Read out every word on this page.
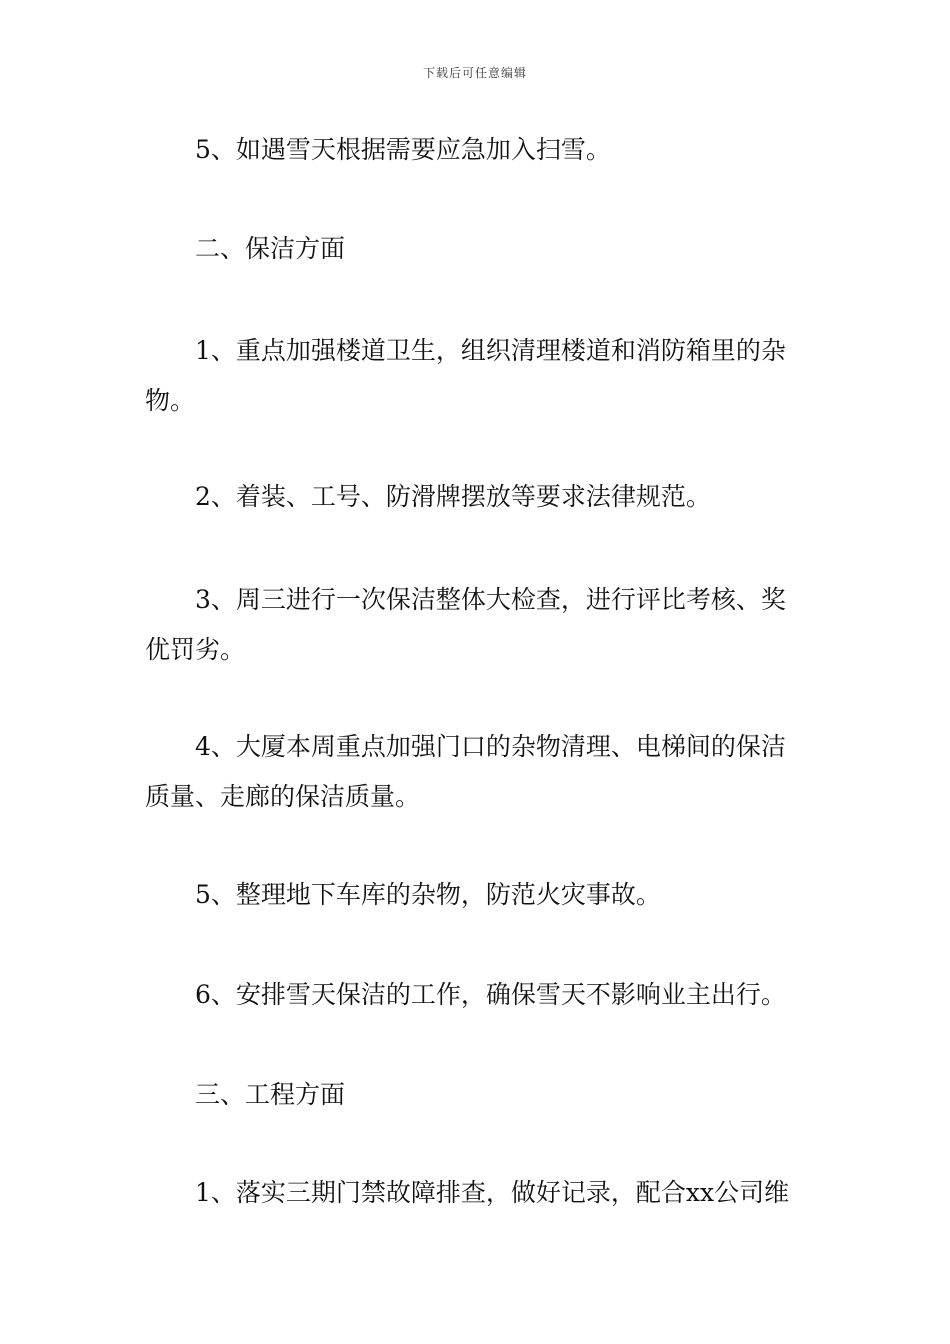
下载后可任意编辑

5、如遇雪天根据需要应急加入扫雪。

二、保洁方面

1、重点加强楼道卫生，组织清理楼道和消防箱里的杂物。

2、着装、工号、防滑牌摆放等要求法律规范。

3、周三进行一次保洁整体大检查，进行评比考核、奖优罚劣。

4、大厦本周重点加强门口的杂物清理、电梯间的保洁质量、走廊的保洁质量。

5、整理地下车库的杂物，防范火灾事故。

6、安排雪天保洁的工作，确保雪天不影响业主出行。

三、工程方面

1、落实三期门禁故障排查，做好记录，配合xx公司维
